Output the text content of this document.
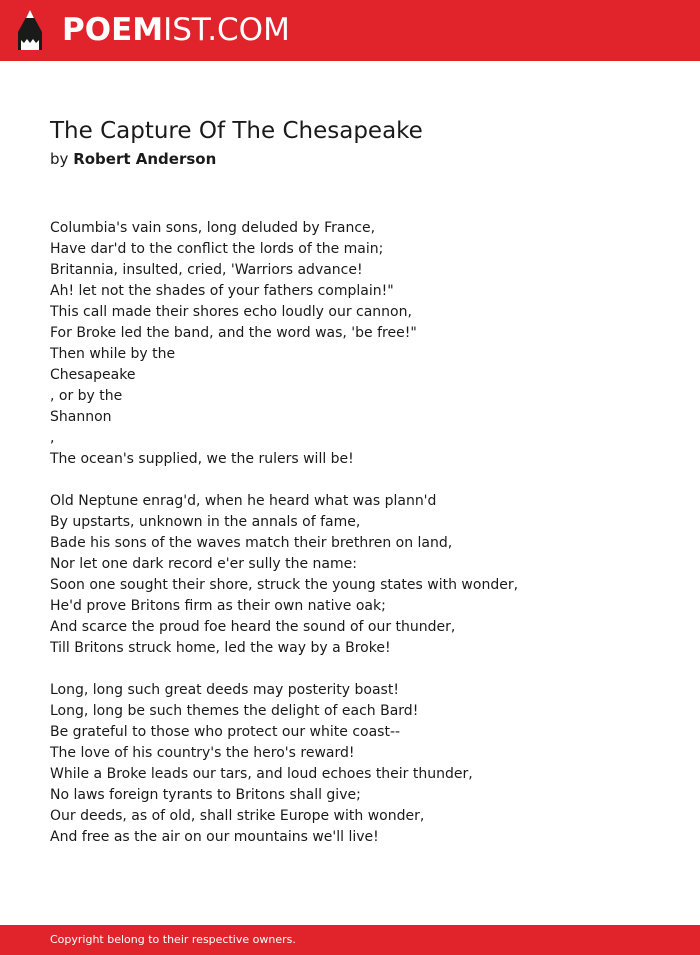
POEMIST.COM
The Capture Of The Chesapeake
by Robert Anderson
Columbia's vain sons, long deluded by France,
Have dar'd to the conflict the lords of the main;
Britannia, insulted, cried, 'Warriors advance!
Ah! let not the shades of your fathers complain!"
This call made their shores echo loudly our cannon,
For Broke led the band, and the word was, 'be free!"
Then while by the
Chesapeake
, or by the
Shannon
,
The ocean's supplied, we the rulers will be!
Old Neptune enrag'd, when he heard what was plann'd
By upstarts, unknown in the annals of fame,
Bade his sons of the waves match their brethren on land,
Nor let one dark record e'er sully the name:
Soon one sought their shore, struck the young states with wonder,
He'd prove Britons firm as their own native oak;
And scarce the proud foe heard the sound of our thunder,
Till Britons struck home, led the way by a Broke!
Long, long such great deeds may posterity boast!
Long, long be such themes the delight of each Bard!
Be grateful to those who protect our white coast--
The love of his country's the hero's reward!
While a Broke leads our tars, and loud echoes their thunder,
No laws foreign tyrants to Britons shall give;
Our deeds, as of old, shall strike Europe with wonder,
And free as the air on our mountains we'll live!
Copyright belong to their respective owners.
